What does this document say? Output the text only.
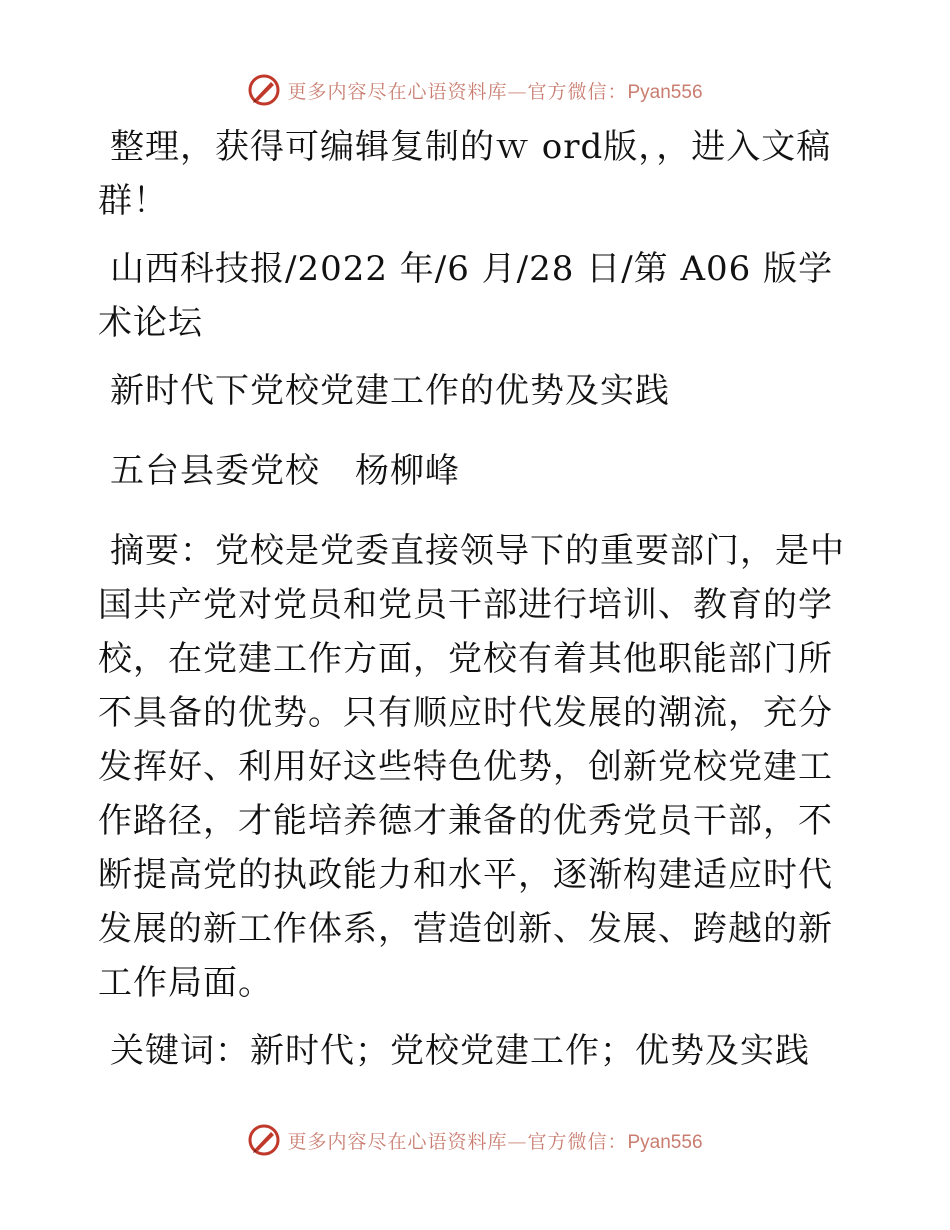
更多内容尽在心语资料库—官方微信：Pyan556

整理，获得可编辑复制的ｗ ord版，，进入文稿群！

山西科技报/2022 年/6 月/28 日/第 A06 版学术论坛

新时代下党校党建工作的优势及实践

五台县委党校　杨柳峰

摘要：党校是党委直接领导下的重要部门，是中国共产党对党员和党员干部进行培训、教育的学校，在党建工作方面，党校有着其他职能部门所不具备的优势。只有顺应时代发展的潮流，充分发挥好、利用好这些特色优势，创新党校党建工作路径，才能培养德才兼备的优秀党员干部，不断提高党的执政能力和水平，逐渐构建适应时代发展的新工作体系，营造创新、发展、跨越的新工作局面。

关键词：新时代；党校党建工作；优势及实践

更多内容尽在心语资料库—官方微信：Pyan556
